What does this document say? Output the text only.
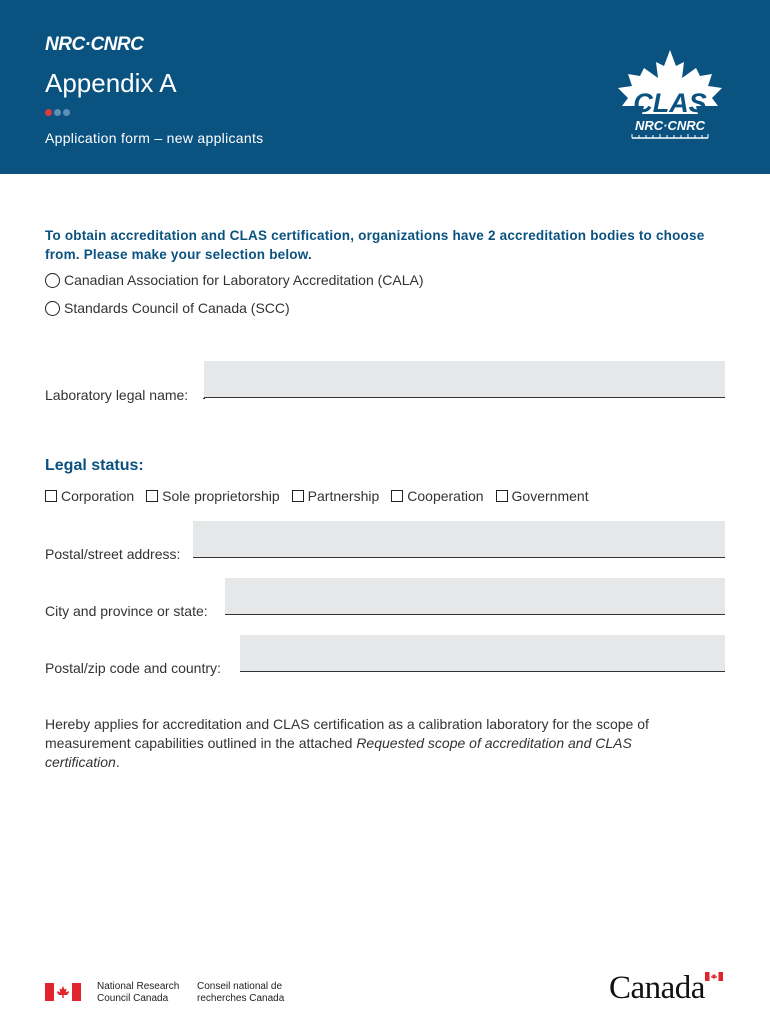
NRC·CNRC
Appendix A
Application form – new applicants
CLAS
NRC·CNRC
To obtain accreditation and CLAS certification, organizations have 2 accreditation bodies to choose from. Please make your selection below.
Canadian Association for Laboratory Accreditation (CALA)
Standards Council of Canada (SCC)
Laboratory legal name:
Legal status:
Corporation Sole proprietorship Partnership Cooperation Government
Postal/street address:
City and province or state:
Postal/zip code and country:
Hereby applies for accreditation and CLAS certification as a calibration laboratory for the scope of measurement capabilities outlined in the attached Requested scope of accreditation and CLAS certification.
National Research
Council Canada
Conseil national de
recherches Canada	Canada
